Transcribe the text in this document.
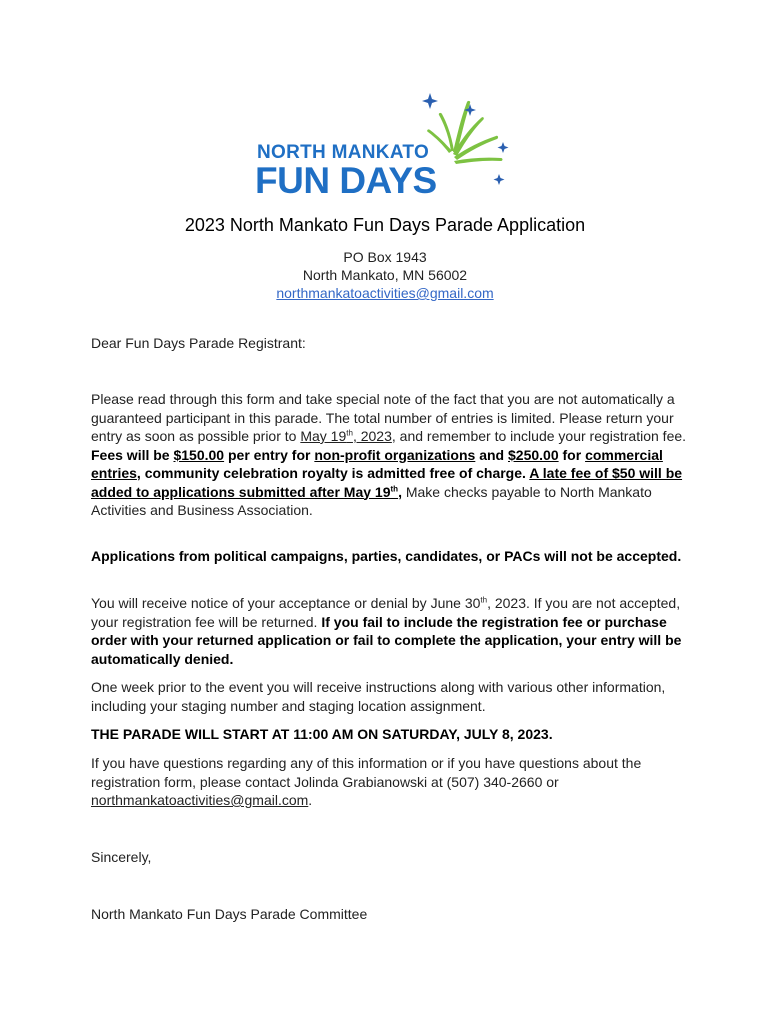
NORTH MANKATO
FUN DAYS
2023 North Mankato Fun Days Parade Application
PO Box 1943
North Mankato, MN 56002
northmankatoactivities@gmail.com
Dear Fun Days Parade Registrant:
Please read through this form and take special note of the fact that you are not automatically a guaranteed participant in this parade. The total number of entries is limited. Please return your entry as soon as possible prior to May 19th, 2023, and remember to include your registration fee. Fees will be $150.00 per entry for non-profit organizations and $250.00 for commercial entries, community celebration royalty is admitted free of charge. A late fee of $50 will be added to applications submitted after May 19th, Make checks payable to North Mankato Activities and Business Association.
Applications from political campaigns, parties, candidates, or PACs will not be accepted.
You will receive notice of your acceptance or denial by June 30th, 2023. If you are not accepted, your registration fee will be returned. If you fail to include the registration fee or purchase order with your returned application or fail to complete the application, your entry will be automatically denied.
One week prior to the event you will receive instructions along with various other information, including your staging number and staging location assignment.
THE PARADE WILL START AT 11:00 AM ON SATURDAY, JULY 8, 2023.
If you have questions regarding any of this information or if you have questions about the registration form, please contact Jolinda Grabianowski at (507) 340-2660 or northmankatoactivities@gmail.com.
Sincerely,
North Mankato Fun Days Parade Committee
